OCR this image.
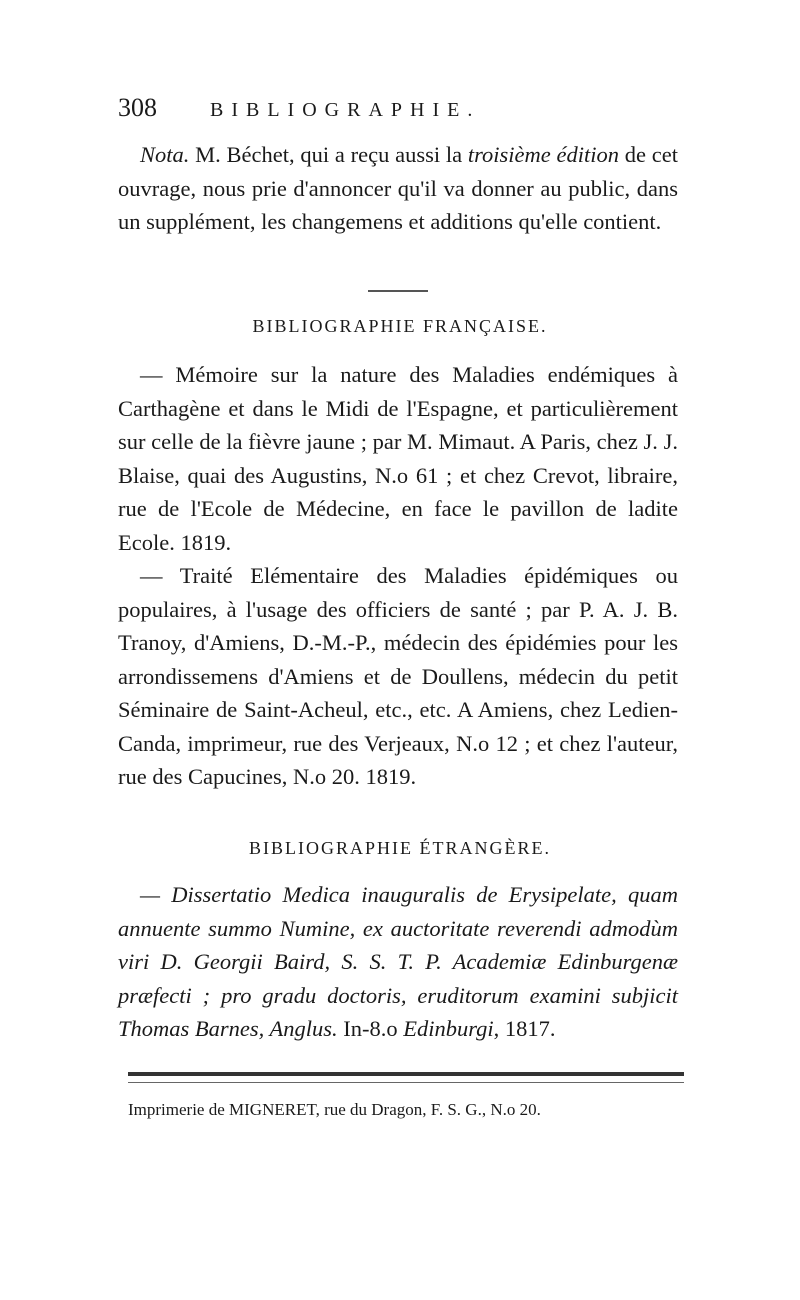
308	BIBLIOGRAPHIE.

Nota. M. Béchet, qui a reçu aussi la troisième édition de cet ouvrage, nous prie d'annoncer qu'il va donner au public, dans un supplément, les changemens et additions qu'elle contient.

BIBLIOGRAPHIE FRANÇAISE.

— Mémoire sur la nature des Maladies endémiques à Carthagène et dans le Midi de l'Espagne, et particulièrement sur celle de la fièvre jaune ; par M. Mimaut. A Paris, chez J. J. Blaise, quai des Augustins, N.o 61 ; et chez Crevot, libraire, rue de l'Ecole de Médecine, en face le pavillon de ladite Ecole. 1819.

— Traité Elémentaire des Maladies épidémiques ou populaires, à l'usage des officiers de santé ; par P. A. J. B. Tranoy, d'Amiens, D.-M.-P., médecin des épidémies pour les arrondissemens d'Amiens et de Doullens, médecin du petit Séminaire de Saint-Acheul, etc., etc. A Amiens, chez Ledien-Canda, imprimeur, rue des Verjeaux, N.o 12 ; et chez l'auteur, rue des Capucines, N.o 20. 1819.

BIBLIOGRAPHIE ÉTRANGÈRE.

— Dissertatio Medica inauguralis de Erysipelate, quam annuente summo Numine, ex auctoritate reverendi admodùm viri D. Georgii Baird, S. S. T. P. Academiæ Edinburgenæ præfecti ; pro gradu doctoris, eruditorum examini subjicit Thomas Barnes, Anglus. In-8.o Edinburgi, 1817.

Imprimerie de MIGNERET, rue du Dragon, F. S. G., N.o 20.
